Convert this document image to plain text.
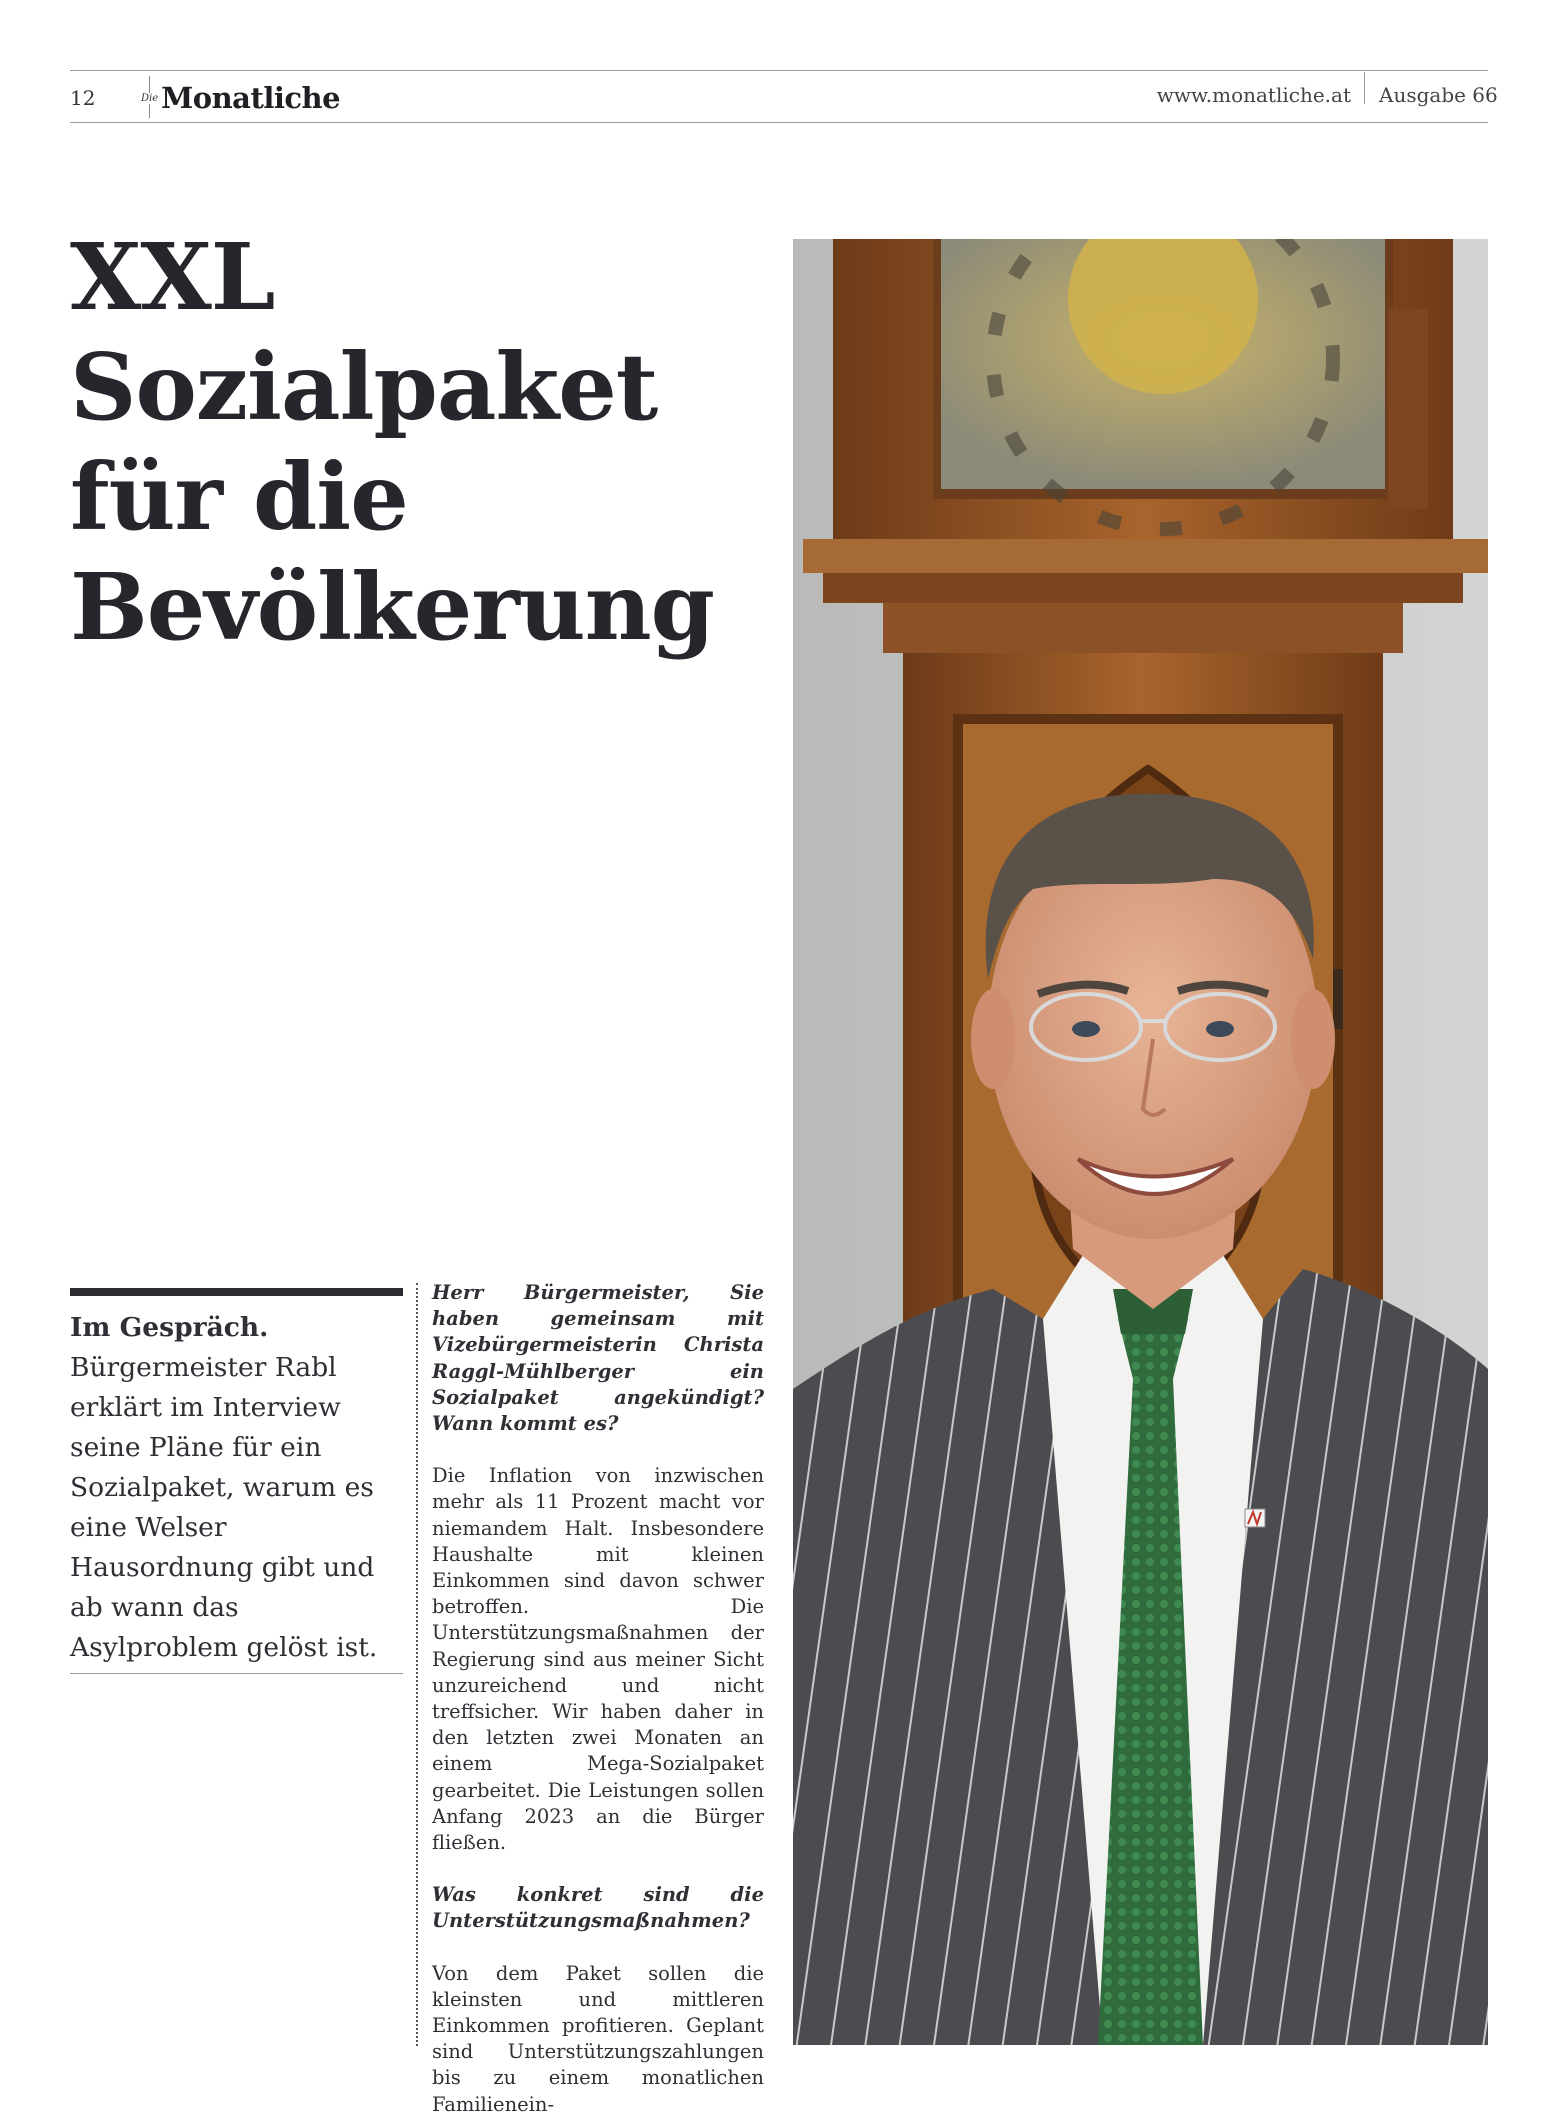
12	Die Monatliche	www.monatliche.at Ausgabe 66
XXL
Sozialpaket
für die
Bevölkerung
Im Gespräch.
Bürgermeister Rabl erklärt im Interview seine Pläne für ein Sozialpaket, warum es eine Welser Hausordnung gibt und ab wann das Asylproblem gelöst ist.

Herr Bürgermeister, Sie haben gemeinsam mit Vizebürgermeisterin Christa Raggl-Mühlberger ein Sozialpaket angekündigt? Wann kommt es?

Die Inflation von inzwischen mehr als 11 Prozent macht vor niemandem Halt. Insbesondere Haushalte mit kleinen Einkommen sind davon schwer betroffen. Die Unterstützungsmaßnahmen der Regierung sind aus meiner Sicht unzureichend und nicht treffsicher. Wir haben daher in den letzten zwei Monaten an einem Mega-Sozialpaket gearbeitet. Die Leistungen sollen Anfang 2023 an die Bürger fließen.

Was konkret sind die Unterstützungsmaßnahmen?

Von dem Paket sollen die kleinsten und mittleren Einkommen profitieren. Geplant sind Unterstützungszahlungen bis zu einem monatlichen Familienein-
